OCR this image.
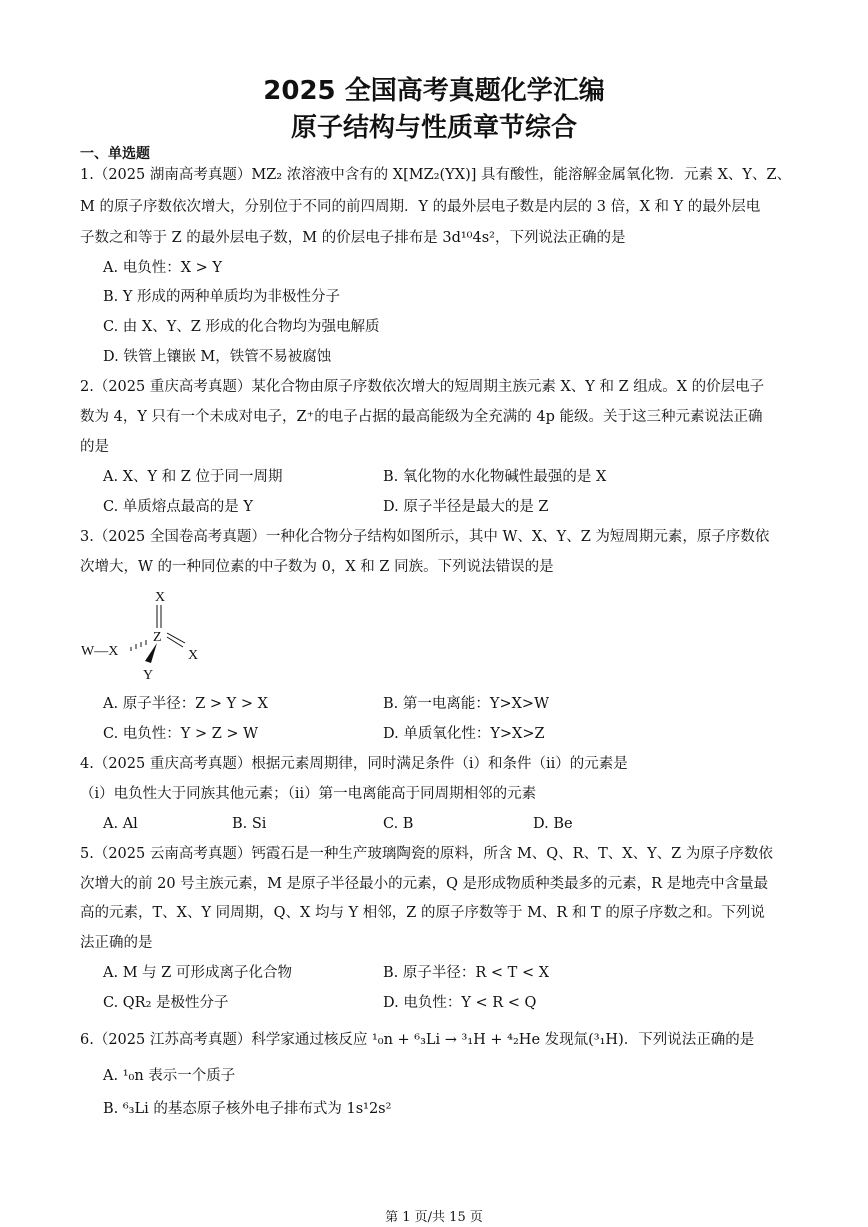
2025 全国高考真题化学汇编
原子结构与性质章节综合
一、单选题
1.（2025 湖南高考真题）MZ₂ 浓溶液中含有的 X[MZ₂(YX)] 具有酸性，能溶解金属氧化物．元素 X、Y、Z、
M 的原子序数依次增大，分别位于不同的前四周期．Y 的最外层电子数是内层的 3 倍，X 和 Y 的最外层电
子数之和等于 Z 的最外层电子数，M 的价层电子排布是 3d¹⁰4s²，下列说法正确的是
A. 电负性：X > Y
B. Y 形成的两种单质均为非极性分子
C. 由 X、Y、Z 形成的化合物均为强电解质
D. 铁管上镶嵌 M，铁管不易被腐蚀
2.（2025 重庆高考真题）某化合物由原子序数依次增大的短周期主族元素 X、Y 和 Z 组成。X 的价层电子
数为 4，Y 只有一个未成对电子，Z⁺的电子占据的最高能级为全充满的 4p 能级。关于这三种元素说法正确
的是
A. X、Y 和 Z 位于同一周期	B. 氧化物的水化物碱性最强的是 X
C. 单质熔点最高的是 Y	D. 原子半径是最大的是 Z
3.（2025 全国卷高考真题）一种化合物分子结构如图所示，其中 W、X、Y、Z 为短周期元素，原子序数依
次增大，W 的一种同位素的中子数为 0，X 和 Z 同族。下列说法错误的是
X
W—X
Z
X
Y
A. 原子半径：Z > Y > X	B. 第一电离能：Y>X>W
C. 电负性：Y > Z > W	D. 单质氧化性：Y>X>Z
4.（2025 重庆高考真题）根据元素周期律，同时满足条件（ⅰ）和条件（ⅱ）的元素是
（ⅰ）电负性大于同族其他元素；（ⅱ）第一电离能高于同周期相邻的元素
A. Al	B. Si	C. B	D. Be
5.（2025 云南高考真题）钙霞石是一种生产玻璃陶瓷的原料，所含 M、Q、R、T、X、Y、Z 为原子序数依
次增大的前 20 号主族元素，M 是原子半径最小的元素，Q 是形成物质种类最多的元素，R 是地壳中含量最
高的元素，T、X、Y 同周期，Q、X 均与 Y 相邻，Z 的原子序数等于 M、R 和 T 的原子序数之和。下列说
法正确的是
A. M 与 Z 可形成离子化合物	B. 原子半径：R < T < X
C. QR₂ 是极性分子	D. 电负性：Y < R < Q
6.（2025 江苏高考真题）科学家通过核反应 ¹₀n + ⁶₃Li → ³₁H + ⁴₂He 发现氚(³₁H)．下列说法正确的是
A. ¹₀n 表示一个质子
B. ⁶₃Li 的基态原子核外电子排布式为 1s¹2s²
第 1 页/共 15 页
